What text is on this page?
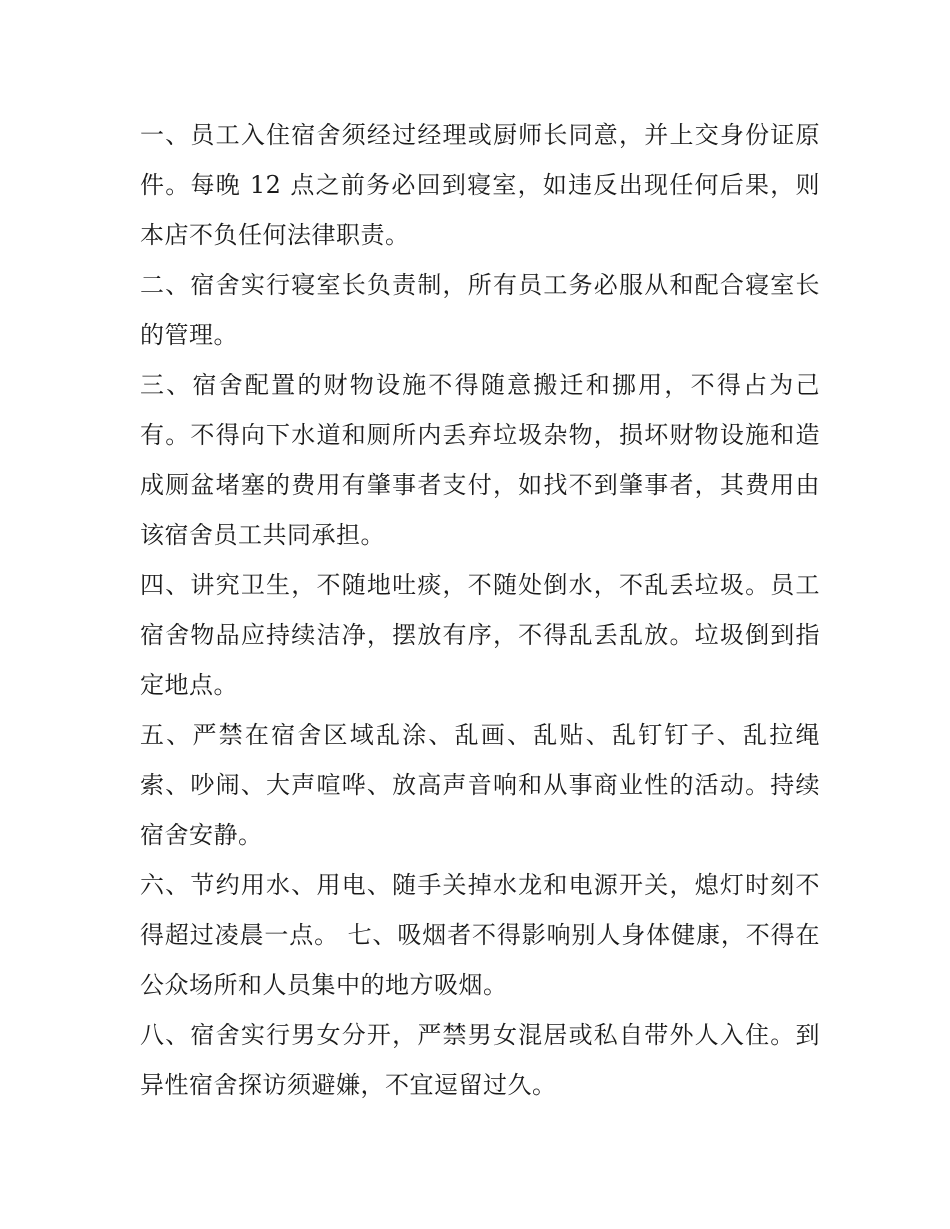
一、员工入住宿舍须经过经理或厨师长同意，并上交身份证原件。每晚 12 点之前务必回到寝室，如违反出现任何后果，则本店不负任何法律职责。

二、宿舍实行寝室长负责制，所有员工务必服从和配合寝室长的管理。

三、宿舍配置的财物设施不得随意搬迁和挪用，不得占为己有。不得向下水道和厕所内丢弃垃圾杂物，损坏财物设施和造成厕盆堵塞的费用有肇事者支付，如找不到肇事者，其费用由该宿舍员工共同承担。

四、讲究卫生，不随地吐痰，不随处倒水，不乱丢垃圾。员工宿舍物品应持续洁净，摆放有序，不得乱丢乱放。垃圾倒到指定地点。

五、严禁在宿舍区域乱涂、乱画、乱贴、乱钉钉子、乱拉绳索、吵闹、大声喧哗、放高声音响和从事商业性的活动。持续宿舍安静。

六、节约用水、用电、随手关掉水龙和电源开关，熄灯时刻不得超过凌晨一点。 七、吸烟者不得影响别人身体健康，不得在公众场所和人员集中的地方吸烟。

八、宿舍实行男女分开，严禁男女混居或私自带外人入住。到异性宿舍探访须避嫌，不宜逗留过久。
